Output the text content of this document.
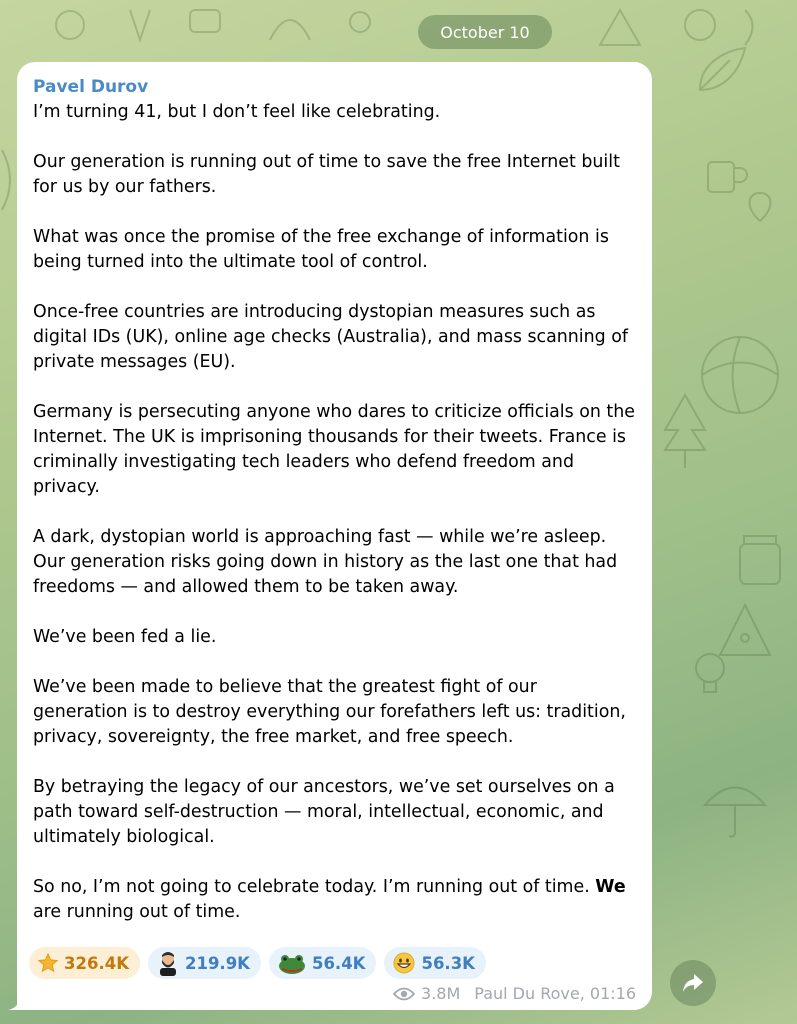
October 10
Pavel Durov

I’m turning 41, but I don’t feel like celebrating.

Our generation is running out of time to save the free Internet built for us by our fathers.

What was once the promise of the free exchange of information is being turned into the ultimate tool of control.

Once-free countries are introducing dystopian measures such as digital IDs (UK), online age checks (Australia), and mass scanning of private messages (EU).

Germany is persecuting anyone who dares to criticize officials on the Internet. The UK is imprisoning thousands for their tweets. France is criminally investigating tech leaders who defend freedom and privacy.

A dark, dystopian world is approaching fast — while we’re asleep. Our generation risks going down in history as the last one that had freedoms — and allowed them to be taken away.

We’ve been fed a lie.

We’ve been made to believe that the greatest fight of our generation is to destroy everything our forefathers left us: tradition, privacy, sovereignty, the free market, and free speech.

By betraying the legacy of our ancestors, we’ve set ourselves on a path toward self-destruction — moral, intellectual, economic, and ultimately biological.

So no, I’m not going to celebrate today. I’m running out of time. We are running out of time.

326.4K	219.9K	56.4K	56.3K
3.8M Paul Du Rove, 01:16
